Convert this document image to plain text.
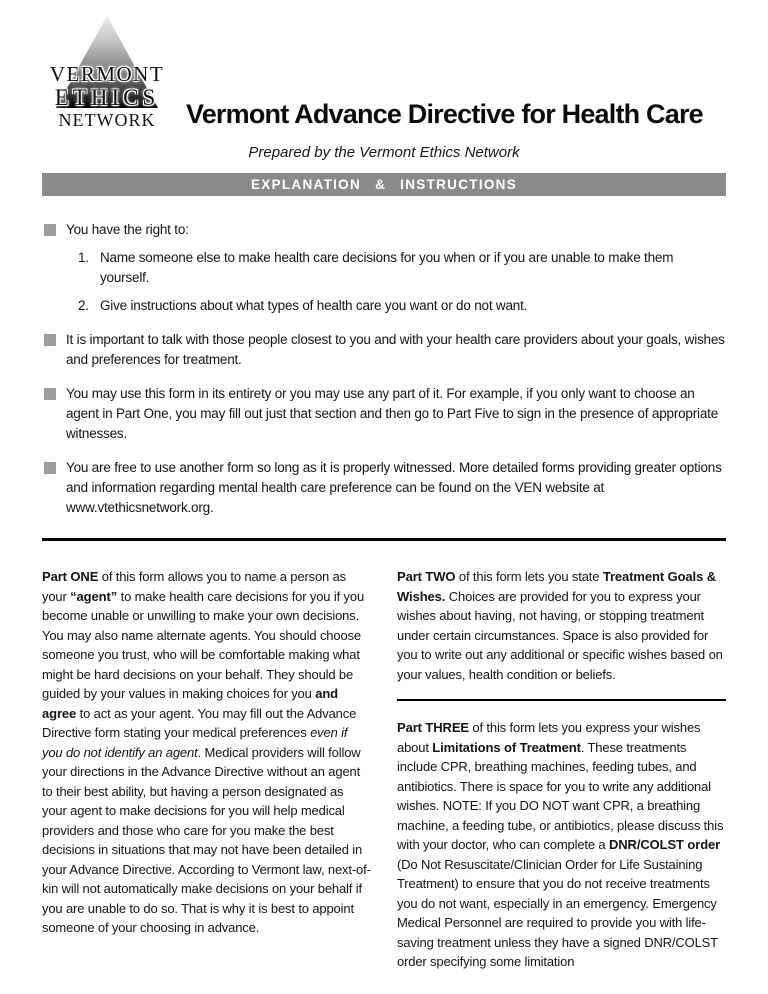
VERMONT
ETHICS
NETWORK	Vermont Advance Directive for Health Care
Prepared by the Vermont Ethics Network
EXPLANATION & INSTRUCTIONS
You have the right to:
1. Name someone else to make health care decisions for you when or if you are unable to make them yourself.
2. Give instructions about what types of health care you want or do not want.
It is important to talk with those people closest to you and with your health care providers about your goals, wishes and preferences for treatment.
You may use this form in its entirety or you may use any part of it. For example, if you only want to choose an agent in Part One, you may fill out just that section and then go to Part Five to sign in the presence of appropriate witnesses.
You are free to use another form so long as it is properly witnessed. More detailed forms providing greater options and information regarding mental health care preference can be found on the VEN website at www.vtethicsnetwork.org.

Part ONE of this form allows you to name a person as your “agent” to make health care decisions for you if you become unable or unwilling to make your own decisions. You may also name alternate agents. You should choose someone you trust, who will be comfortable making what might be hard decisions on your behalf. They should be guided by your values in making choices for you and agree to act as your agent. You may fill out the Advance Directive form stating your medical preferences even if you do not identify an agent. Medical providers will follow your directions in the Advance Directive without an agent to their best ability, but having a person designated as your agent to make decisions for you will help medical providers and those who care for you make the best decisions in situations that may not have been detailed in your Advance Directive. According to Vermont law, next-of-kin will not automatically make decisions on your behalf if you are unable to do so. That is why it is best to appoint someone of your choosing in advance.

Part TWO of this form lets you state Treatment Goals & Wishes. Choices are provided for you to express your wishes about having, not having, or stopping treatment under certain circumstances. Space is also provided for you to write out any additional or specific wishes based on your values, health condition or beliefs.

Part THREE of this form lets you express your wishes about Limitations of Treatment. These treatments include CPR, breathing machines, feeding tubes, and antibiotics. There is space for you to write any additional wishes. NOTE: If you DO NOT want CPR, a breathing machine, a feeding tube, or antibiotics, please discuss this with your doctor, who can complete a DNR/COLST order (Do Not Resuscitate/Clinician Order for Life Sustaining Treatment) to ensure that you do not receive treatments you do not want, especially in an emergency. Emergency Medical Personnel are required to provide you with life-saving treatment unless they have a signed DNR/COLST order specifying some limitation
